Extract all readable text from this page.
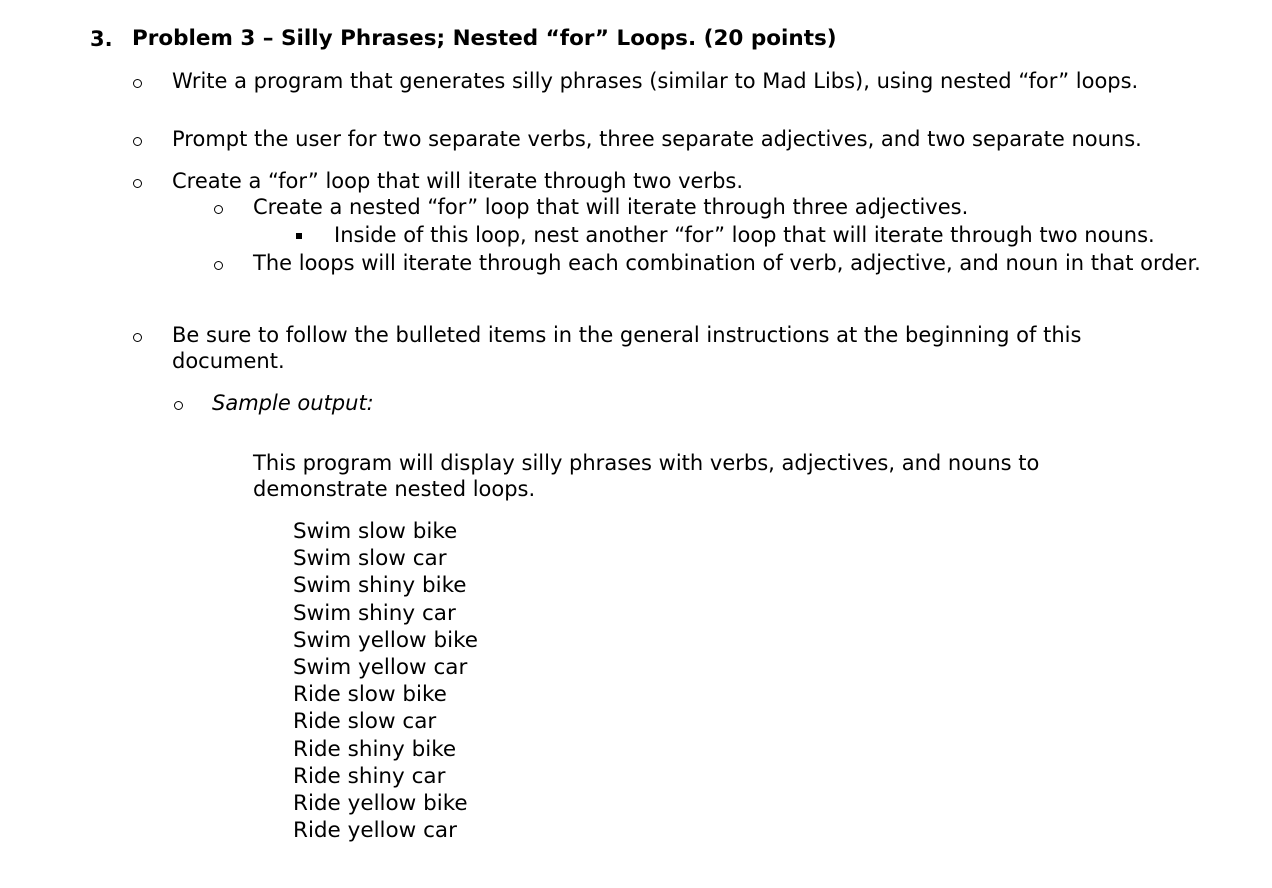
3. Problem 3 – Silly Phrases; Nested “for” Loops. (20 points)
Write a program that generates silly phrases (similar to Mad Libs), using nested “for” loops.
Prompt the user for two separate verbs, three separate adjectives, and two separate nouns.
Create a “for” loop that will iterate through two verbs.
Create a nested “for” loop that will iterate through three adjectives.
Inside of this loop, nest another “for” loop that will iterate through two nouns.
The loops will iterate through each combination of verb, adjective, and noun in that order.
Be sure to follow the bulleted items in the general instructions at the beginning of this document.
Sample output:
This program will display silly phrases with verbs, adjectives, and nouns to demonstrate nested loops.
Swim slow bike
Swim slow car
Swim shiny bike
Swim shiny car
Swim yellow bike
Swim yellow car
Ride slow bike
Ride slow car
Ride shiny bike
Ride shiny car
Ride yellow bike
Ride yellow car
